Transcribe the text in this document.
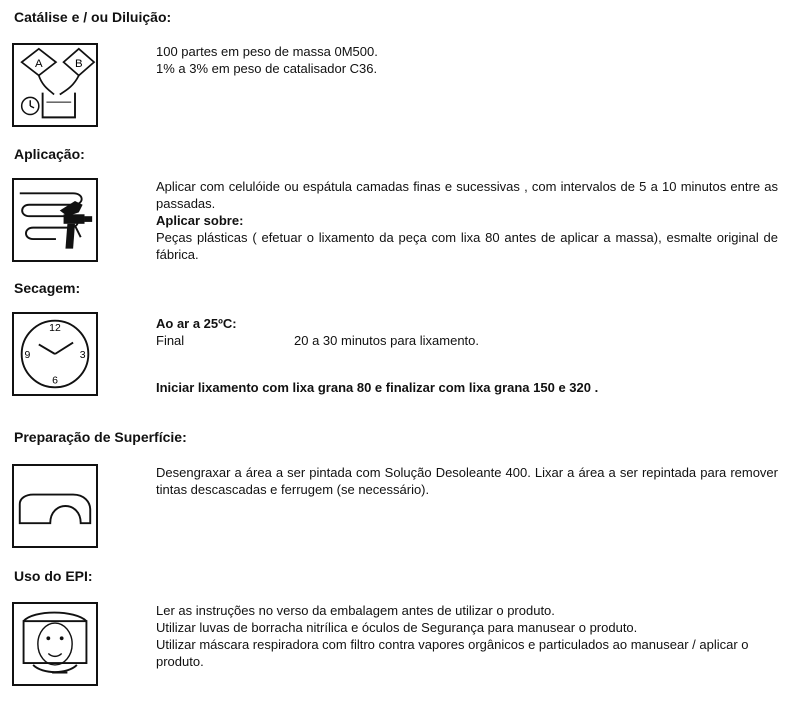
Catálise e / ou Diluição:
A	B

100 partes em peso de massa 0M500.

1% a 3% em peso de catalisador C36.

Aplicação:

Aplicar com celulóide ou espátula camadas finas e sucessivas , com intervalos de 5 a 10 minutos entre as passadas.

Aplicar sobre:

Peças plásticas ( efetuar o lixamento da peça com lixa 80 antes de aplicar a massa), esmalte original de fábrica.

Secagem:
12
3
6
9

Ao ar a 25ºC:

Final	20 a 30 minutos para lixamento.

Iniciar lixamento com lixa grana 80 e finalizar com lixa grana 150 e 320 .

Preparação de Superfície:

Desengraxar a área a ser pintada com Solução Desoleante 400. Lixar a área a ser repintada para remover tintas descascadas e ferrugem (se necessário).

Uso do EPI:

Ler as instruções no verso da embalagem antes de utilizar o produto.

Utilizar luvas de borracha nitrílica e óculos de Segurança para manusear o produto.

Utilizar máscara respiradora com filtro contra vapores orgânicos e particulados ao manusear / aplicar o produto.
